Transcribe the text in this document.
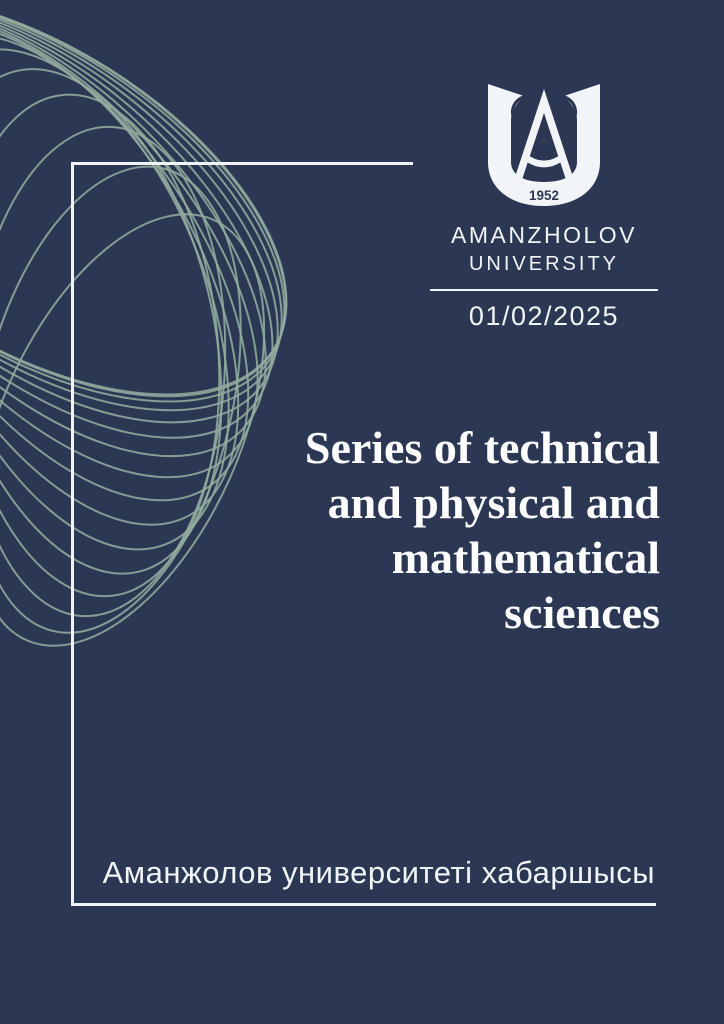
1952
AMANZHOLOV
UNIVERSITY
01/02/2025
Series of technical
and physical and
mathematical
sciences
Аманжолов университеті хабаршысы
